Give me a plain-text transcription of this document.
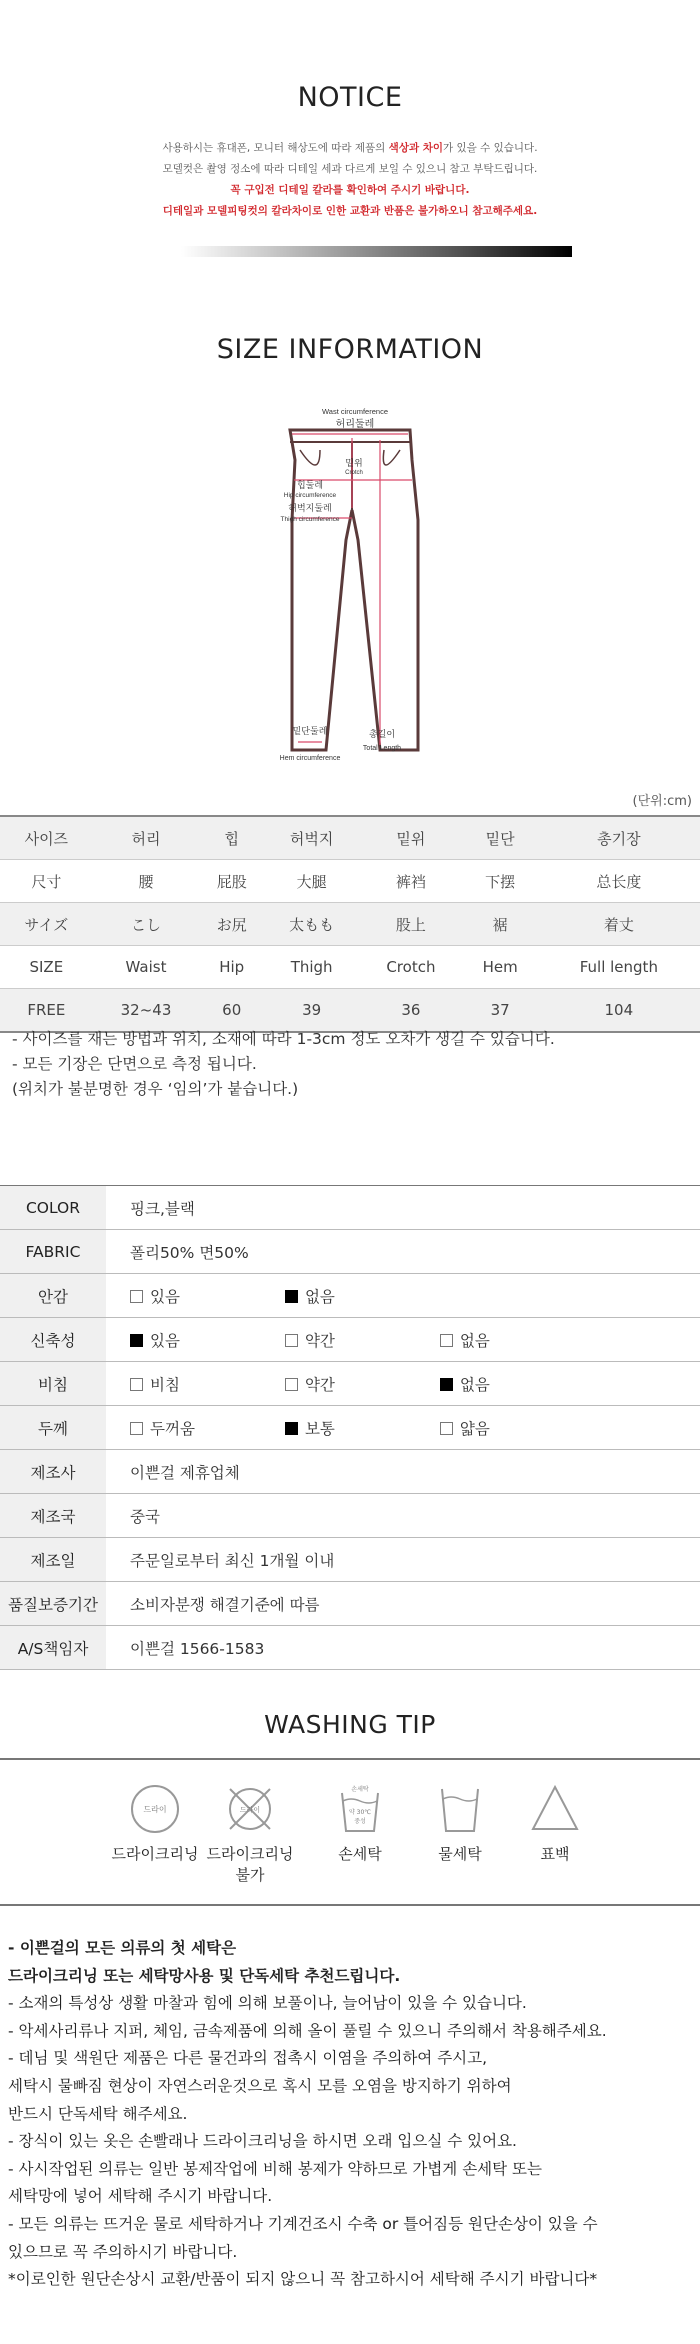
NOTICE
사용하시는 휴대폰, 모니터 해상도에 따라 제품의 색상과 차이가 있을 수 있습니다.
모델컷은 촬영 정소에 따라 디테일 세과 다르게 보일 수 있으니 참고 부탁드립니다.
꼭 구입전 디테일 칼라를 확인하여 주시기 바랍니다.
디테일과 모델피팅컷의 칼라차이로 인한 교환과 반품은 불가하오니 참고해주세요.
SIZE INFORMATION
Wast circumference
허리둘레
밑위
Crotch
힙둘레
Hip circumference
허벅지둘레
Thigh circumference
밑단둘레
Hem circumference
총길이
Total Length
(단위:cm)
사이즈	허리	힙	허벅지	밑위	밑단	총기장
尺寸	腰	屁股	大腿	裤裆	下摆	总长度
サイズ	こし	お尻	太もも	股上	裾	着丈
SIZE	Waist	Hip	Thigh	Crotch	Hem	Full length
FREE	32~43	60	39	36	37	104
- 사이즈를 재는 방법과 위치, 소재에 따라 1-3cm 정도 오차가 생길 수 있습니다.
- 모든 기장은 단면으로 측정 됩니다.
(위치가 불분명한 경우 ‘임의’가 붙습니다.)
COLOR	핑크,블랙
FABRIC	폴리50% 면50%
안감	있음 없음
신축성	있음 약간 없음
비침	비침 약간 없음
두께	두꺼움 보통 얇음
제조사	이쁜걸 제휴업체
제조국	중국
제조일	주문일로부터 최신 1개월 이내
품질보증기간	소비자분쟁 해결기준에 따름
A/S책임자	이쁜걸 1566-1583
WASHING TIP
드라이
드라이크리닝
드라이
드라이크리닝
불가
손세탁
약 30℃
중성
손세탁	물세탁	표백
- 이쁜걸의 모든 의류의 첫 세탁은
드라이크리닝 또는 세탁망사용 및 단독세탁 추천드립니다.
- 소재의 특성상 생활 마찰과 힘에 의해 보풀이나, 늘어남이 있을 수 있습니다.
- 악세사리류나 지퍼, 체임, 금속제품에 의해 올이 풀릴 수 있으니 주의해서 착용해주세요.
- 데님 및 색원단 제품은 다른 물건과의 접촉시 이염을 주의하여 주시고,
세탁시 물빠짐 현상이 자연스러운것으로 혹시 모를 오염을 방지하기 위하여
반드시 단독세탁 해주세요.
- 장식이 있는 옷은 손빨래나 드라이크리닝을 하시면 오래 입으실 수 있어요.
- 사시작업된 의류는 일반 봉제작업에 비해 봉제가 약하므로 가볍게 손세탁 또는
세탁망에 넣어 세탁해 주시기 바랍니다.
- 모든 의류는 뜨거운 물로 세탁하거나 기계건조시 수축 or 틀어짐등 원단손상이 있을 수
있으므로 꼭 주의하시기 바랍니다.
*이로인한 원단손상시 교환/반품이 되지 않으니 꼭 참고하시어 세탁해 주시기 바랍니다*
